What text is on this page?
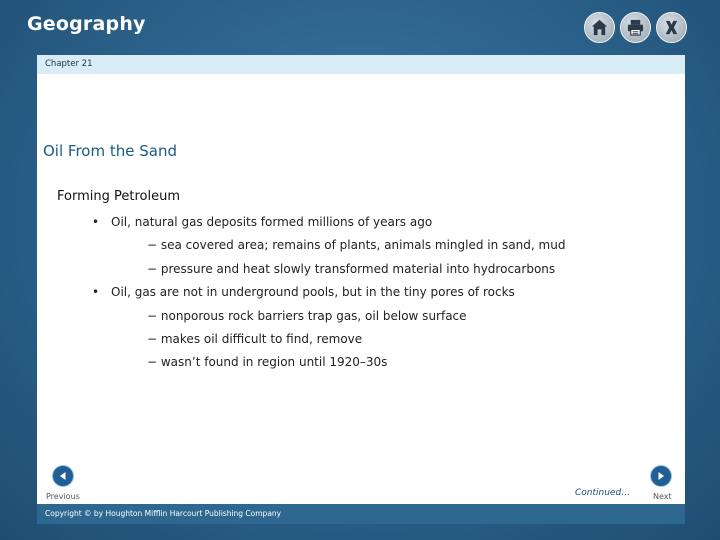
Geography
Chapter 21
Oil From the Sand
Forming Petroleum
• Oil, natural gas deposits formed millions of years ago
− sea covered area; remains of plants, animals mingled in sand, mud
− pressure and heat slowly transformed material into hydrocarbons
• Oil, gas are not in underground pools, but in the tiny pores of rocks
− nonporous rock barriers trap gas, oil below surface
− makes oil difficult to find, remove
− wasn’t found in region until 1920–30s
Previous	Continued…	Next
Copyright © by Houghton Mifflin Harcourt Publishing Company
